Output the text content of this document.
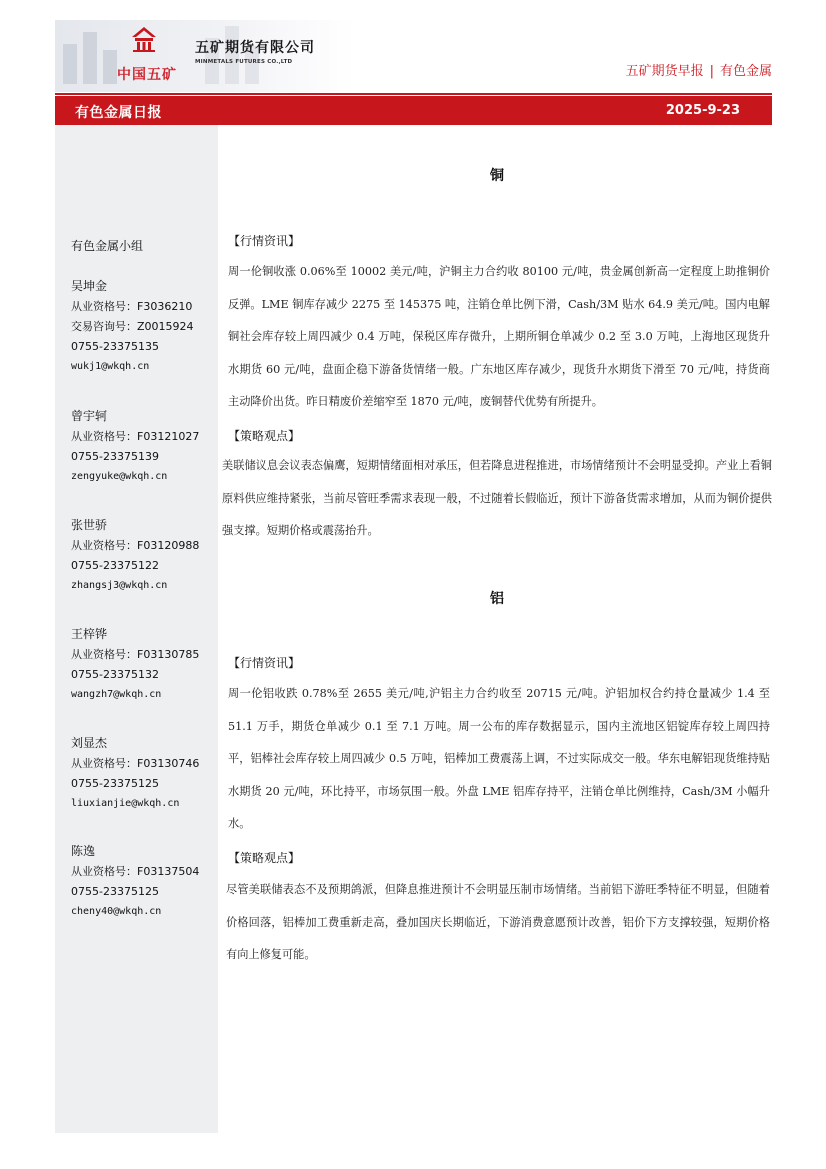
中国五矿
五矿期货有限公司
MINMETALS FUTURES CO.,LTD
五矿期货早报 | 有色金属
有色金属日报	2025-9-23
有色金属小组
吴坤金
从业资格号：F3036210
交易咨询号：Z0015924
0755-23375135
wukj1@wkqh.cn
曾宇轲
从业资格号：F03121027
0755-23375139
zengyuke@wkqh.cn
张世骄
从业资格号：F03120988
0755-23375122
zhangsj3@wkqh.cn
王梓铧
从业资格号：F03130785
0755-23375132
wangzh7@wkqh.cn
刘显杰
从业资格号：F03130746
0755-23375125
liuxianjie@wkqh.cn
陈逸
从业资格号：F03137504
0755-23375125
cheny40@wkqh.cn
铜
【行情资讯】
周一伦铜收涨 0.06%至 10002 美元/吨，沪铜主力合约收 80100 元/吨，贵金属创新高一定程度上助推铜价反弹。LME 铜库存减少 2275 至 145375 吨，注销仓单比例下滑，Cash/3M 贴水 64.9 美元/吨。国内电解铜社会库存较上周四减少 0.4 万吨，保税区库存微升，上期所铜仓单减少 0.2 至 3.0 万吨，上海地区现货升水期货 60 元/吨，盘面企稳下游备货情绪一般。广东地区库存减少，现货升水期货下滑至 70 元/吨，持货商主动降价出货。昨日精废价差缩窄至 1870 元/吨，废铜替代优势有所提升。
【策略观点】
美联储议息会议表态偏鹰，短期情绪面相对承压，但若降息进程推进，市场情绪预计不会明显受抑。产业上看铜原料供应维持紧张，当前尽管旺季需求表现一般，不过随着长假临近，预计下游备货需求增加，从而为铜价提供强支撑。短期价格或震荡抬升。
铝
【行情资讯】
周一伦铝收跌 0.78%至 2655 美元/吨,沪铝主力合约收至 20715 元/吨。沪铝加权合约持仓量减少 1.4 至 51.1 万手，期货仓单减少 0.1 至 7.1 万吨。周一公布的库存数据显示，国内主流地区铝锭库存较上周四持平，铝棒社会库存较上周四减少 0.5 万吨，铝棒加工费震荡上调，不过实际成交一般。华东电解铝现货维持贴水期货 20 元/吨，环比持平，市场氛围一般。外盘 LME 铝库存持平，注销仓单比例维持，Cash/3M 小幅升水。
【策略观点】
尽管美联储表态不及预期鸽派，但降息推进预计不会明显压制市场情绪。当前铝下游旺季特征不明显，但随着价格回落，铝棒加工费重新走高，叠加国庆长期临近，下游消费意愿预计改善，铝价下方支撑较强，短期价格有向上修复可能。
